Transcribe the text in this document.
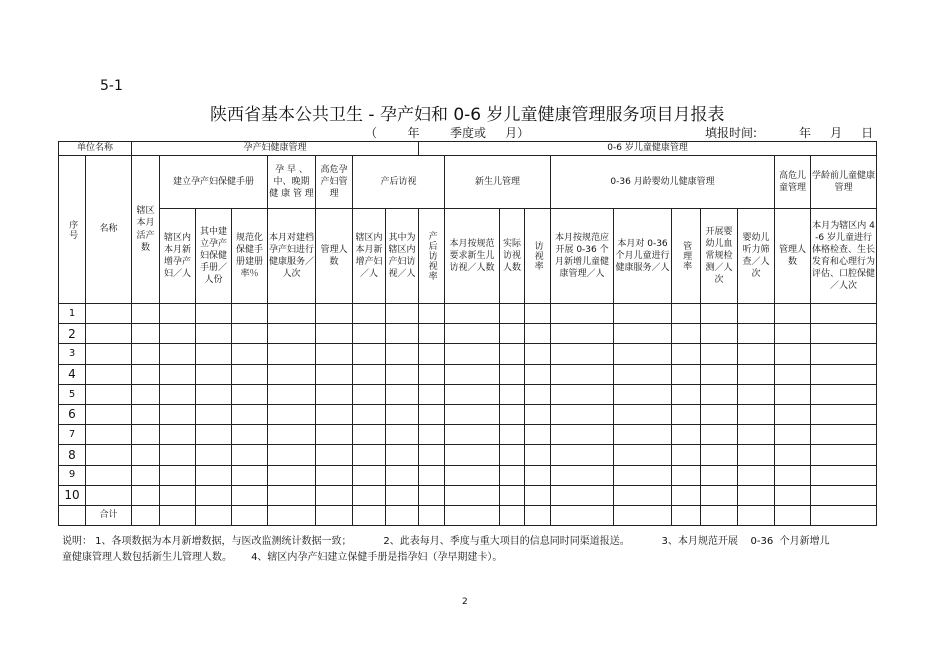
5-1
陕西省基本公共卫生 - 孕产妇和 0-6 岁儿童健康管理服务项目月报表
（        年        季度或     月）	填报时间:           年     月     日
单位名称		孕产妇健康管理								0-6 岁儿童健康管理										
序号	名称	辖区本月活产数	建立孕产妇保健手册			孕 早 、 中、晚期 健 康 管 理	高危孕产妇管理	产后访视			新生儿管理			0-36 月龄婴幼儿健康管理					高危儿童管理	学龄前儿童健康管理
			辖区内本月新增孕产妇／人	其中建立孕产妇保健手册／人份	规范化保健手册建册率％	本月对建档孕产妇进行健康服务／人次	管理人数	辖区内本月新增产妇／人	其中为辖区内产妇访视／人	产后访视率	本月按规范要求新生儿访视／人数	实际访视人数	访视率	本月按规范应开展 0-36 个月新增儿童健康管理／人	本月对 0-36 个月儿童进行健康服务／人	管理率	开展婴幼儿血常规检测／人次	婴幼儿听力筛查／人次	管理人数	本月为辖区内 4-6 岁儿童进行体格检查、生长发育和心理行为评估、口腔保健／人次
1																				
2																				
3																				
4																				
5																				
6																				
7																				
8																				
9																				
10																				
	合计																			
说明： 1、各项数据为本月新增数据，与医改监测统计数据一致；          2、此表每月、季度与重大项目的信息同时同渠道报送。          3、本月规范开展    0-36  个月新增儿
童健康管理人数包括新生儿管理人数。      4、辖区内孕产妇建立保健手册是指孕妇（孕早期建卡）。
2
